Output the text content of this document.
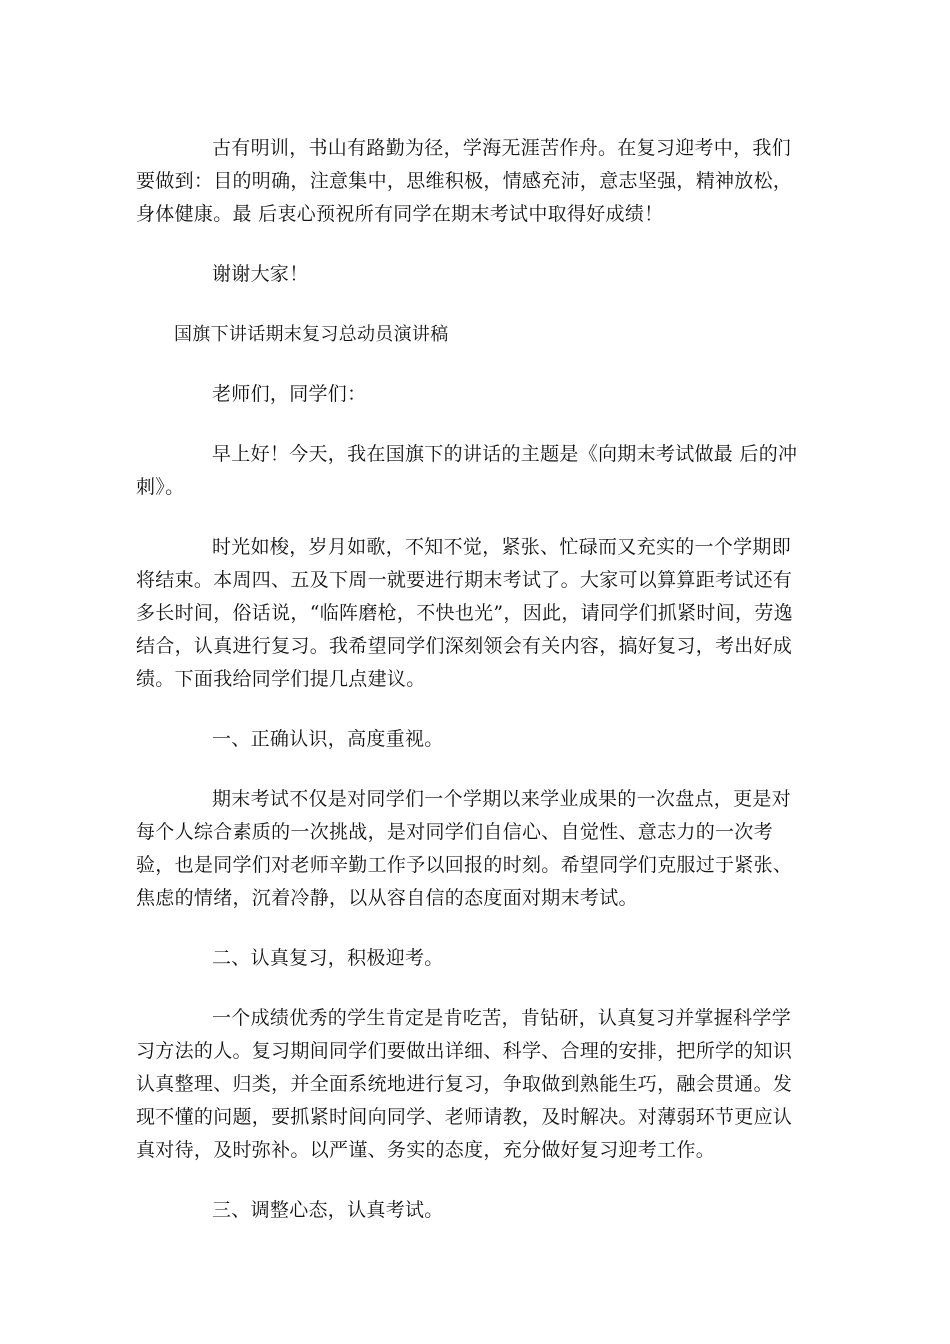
古有明训，书山有路勤为径，学海无涯苦作舟。在复习迎考中，我们要做到：目的明确，注意集中，思维积极，情感充沛，意志坚强，精神放松，身体健康。最 后衷心预祝所有同学在期末考试中取得好成绩！

谢谢大家！

国旗下讲话期末复习总动员演讲稿

老师们，同学们：

早上好！今天，我在国旗下的讲话的主题是《向期末考试做最 后的冲刺》。

时光如梭，岁月如歌，不知不觉，紧张、忙碌而又充实的一个学期即将结束。本周四、五及下周一就要进行期末考试了。大家可以算算距考试还有多长时间，俗话说，“临阵磨枪，不快也光”，因此，请同学们抓紧时间，劳逸结合，认真进行复习。我希望同学们深刻领会有关内容，搞好复习，考出好成绩。下面我给同学们提几点建议。

一、正确认识，高度重视。

期末考试不仅是对同学们一个学期以来学业成果的一次盘点，更是对每个人综合素质的一次挑战，是对同学们自信心、自觉性、意志力的一次考验，也是同学们对老师辛勤工作予以回报的时刻。希望同学们克服过于紧张、焦虑的情绪，沉着冷静，以从容自信的态度面对期末考试。

二、认真复习，积极迎考。

一个成绩优秀的学生肯定是肯吃苦，肯钻研，认真复习并掌握科学学习方法的人。复习期间同学们要做出详细、科学、合理的安排，把所学的知识认真整理、归类，并全面系统地进行复习，争取做到熟能生巧，融会贯通。发现不懂的问题，要抓紧时间向同学、老师请教，及时解决。对薄弱环节更应认真对待，及时弥补。以严谨、务实的态度，充分做好复习迎考工作。

三、调整心态，认真考试。
